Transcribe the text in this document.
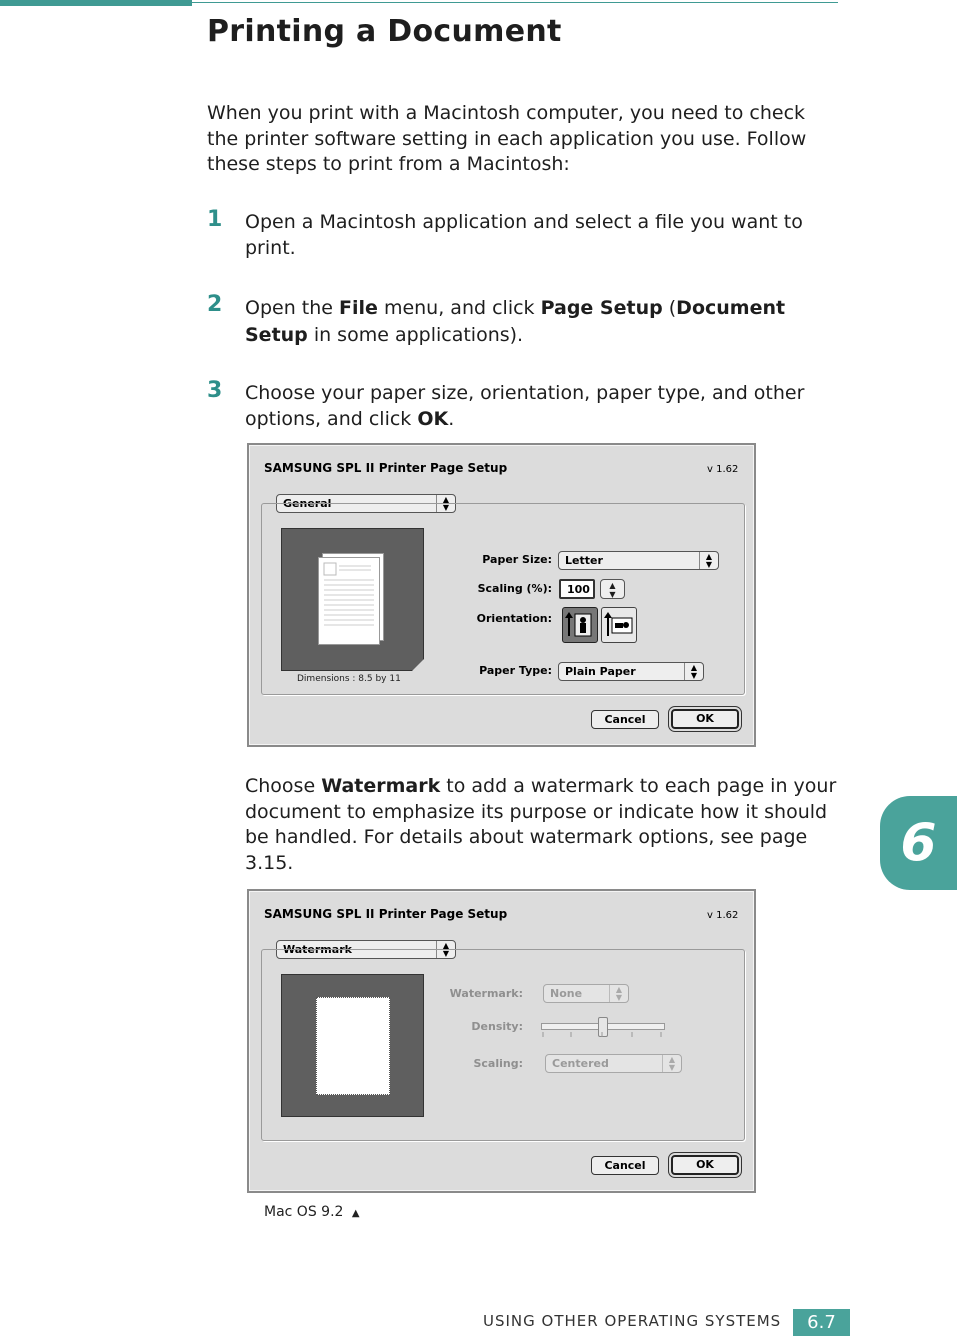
Printing a Document
When you print with a Macintosh computer, you need to check the printer software setting in each application you use. Follow these steps to print from a Macintosh:
1 Open a Macintosh application and select a file you want to print.
2 Open the File menu, and click Page Setup (Document Setup in some applications).
3 Choose your paper size, orientation, paper type, and other options, and click OK.
SAMSUNG SPL II Printer Page Setup	v 1.62
General	▲
▼
Dimensions : 8.5 by 11
Paper Size:	Letter	▲
▼
Scaling (%):	100	▲
▼
Orientation:
Paper Type:	Plain Paper	▲
▼
Cancel	OK
Choose Watermark to add a watermark to each page in your document to emphasize its purpose or indicate how it should be handled. For details about watermark options, see page 3.15.
SAMSUNG SPL II Printer Page Setup	v 1.62
Watermark	▲
▼
Watermark:	None	▲
▼
Density:
Scaling:	Centered	▲
▼
Cancel	OK
Mac OS 9.2 ▲
6
USING OTHER OPERATING SYSTEMS	6.7
